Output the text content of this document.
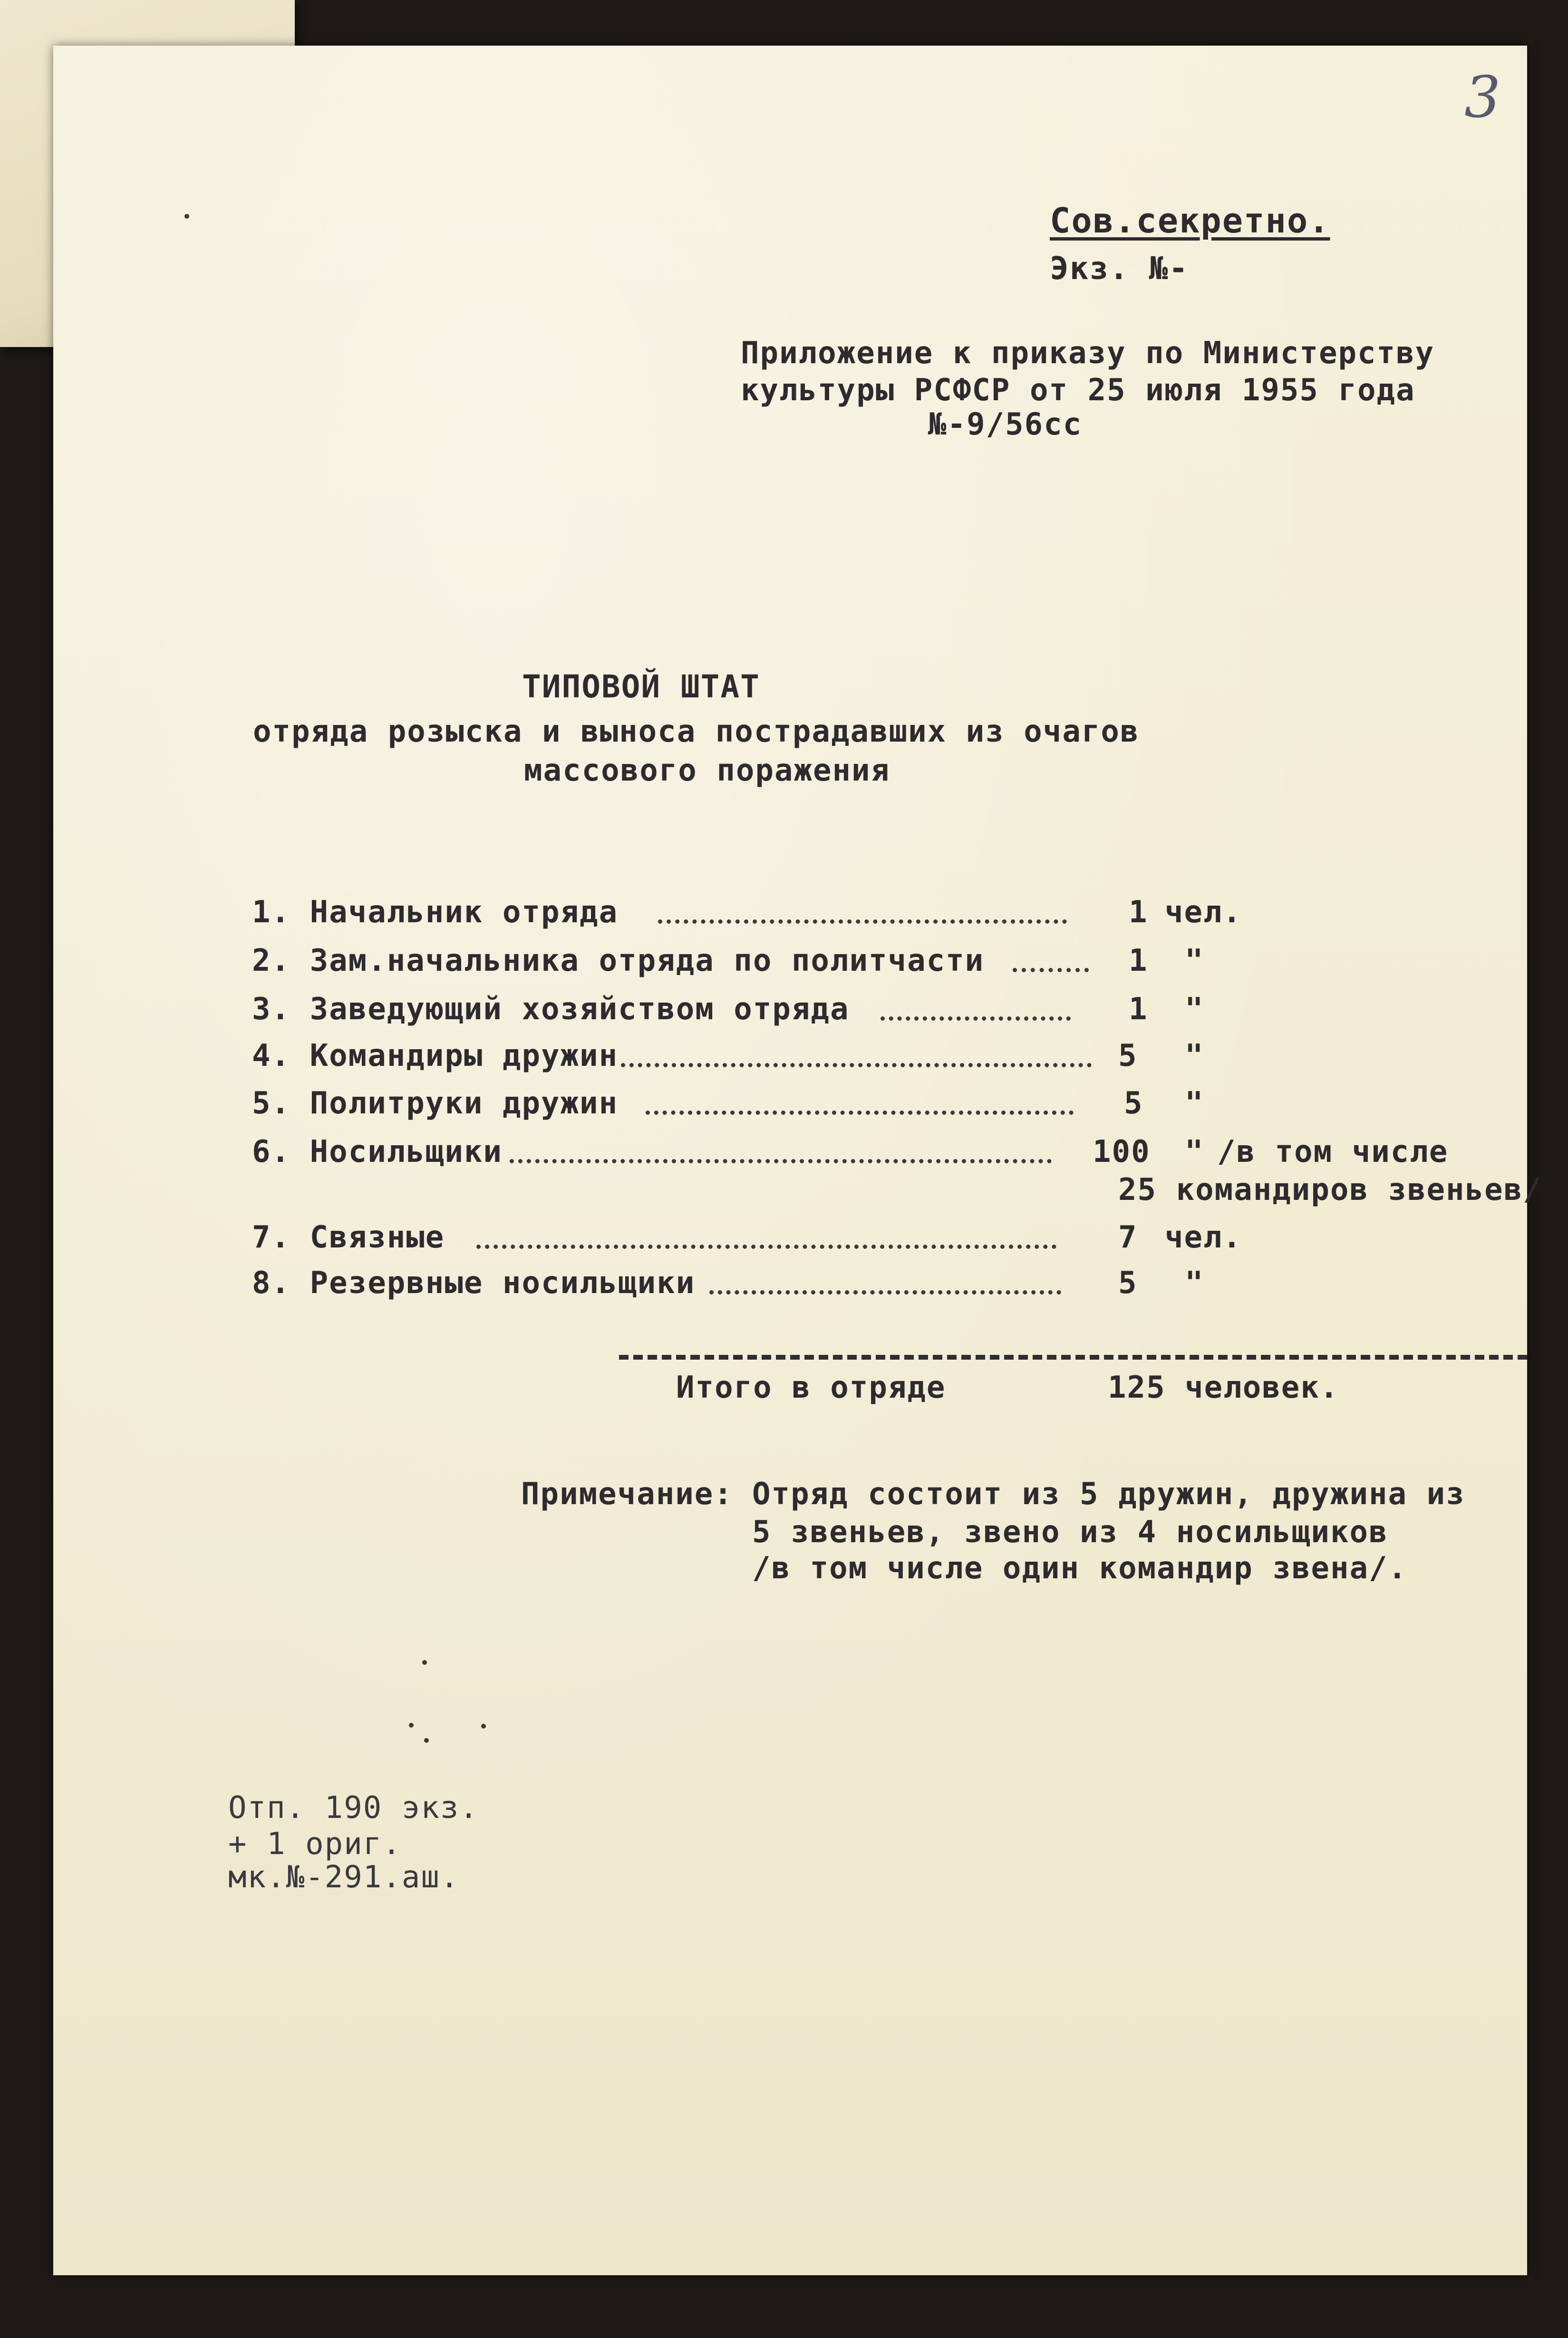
3
Сов.секретно.
Экз. №-
Приложение к приказу по Министерству
культуры РСФСР от 25 июля 1955 года
№-9/56сс
ТИПОВОЙ ШТАТ
отряда розыска и выноса пострадавших из очагов
массового поражения
1. Начальник отряда	1 чел.
2. Зам.начальника отряда по политчасти	1 "
3. Заведующий хозяйством отряда	1 "
4. Командиры дружин	5 "
5. Политруки дружин	5 "
6. Носильщики	100 " /в том числе
25 командиров звеньев/
7. Связные	7 чел.
8. Резервные носильщики	5 "
Итого в отряде	125 человек.
Примечание: Отряд состоит из 5 дружин, дружина из
5 звеньев, звено из 4 носильщиков
/в том числе один командир звена/.
Отп. 190 экз.
+ 1 ориг.
мк.№-291.аш.
